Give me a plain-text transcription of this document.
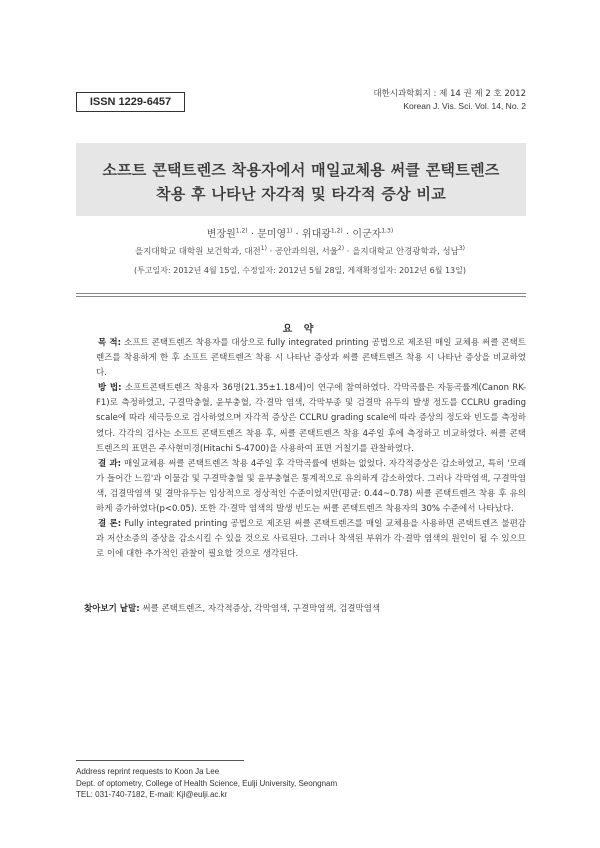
ISSN 1229-6457
대한시과학회지 : 제 14 권 제 2 호 2012
Korean J. Vis. Sci. Vol. 14, No. 2
소프트 콘택트렌즈 착용자에서 매일교체용 써클 콘택트렌즈
착용 후 나타난 자각적 및 타각적 증상 비교
변장원$^{1,2)}$ · 문미영$^{1)}$ · 위대광$^{1,2)}$ · 이군자$^{1,3)}$
을지대학교 대학원 보건학과, 대전$^{1)}$ · 공안과의원, 서울$^{2)}$ · 을지대학교 안경광학과, 성남$^{3)}$
(투고일자: 2012년 4월 15일, 수정일자: 2012년 5월 28일, 게재확정일자: 2012년 6월 13일)
요 약

목 적: 소프트 콘택트렌즈 착용자를 대상으로 fully integrated printing 공법으로 제조된 매일 교체용 써클 콘택트렌즈를 착용하게 한 후 소프트 콘택트렌즈 착용 시 나타난 증상과 써클 콘택트렌즈 착용 시 나타난 증상을 비교하였다.

방 법: 소프트콘택트렌즈 착용자 36명(21.35±1.18세)이 연구에 참여하였다. 각막곡률은 자동곡률계(Canon RK-F1)로 측정하였고, 구결막충혈, 윤부충혈, 각·결막 염색, 각막부종 및 검결막 유두의 발생 정도를 CCLRU grading scale에 따라 세극등으로 검사하였으며 자각적 증상은 CCLRU grading scale에 따라 증상의 정도와 빈도를 측정하였다. 각각의 검사는 소프트 콘택트렌즈 착용 후, 써클 콘택트렌즈 착용 4주일 후에 측정하고 비교하였다. 써클 콘택트렌즈의 표면은 주사현미경(Hitachi S-4700)을 사용하여 표면 거칠기를 관찰하였다.

결 과: 매일교체용 써클 콘택트렌즈 착용 4주일 후 각막곡률에 변화는 없었다. 자각적증상은 감소하였고, 특히 '모래가 들어간 느낌'과 이물감 및 구결막충혈 및 윤부충혈은 통계적으로 유의하게 감소하였다. 그러나 각막염색, 구결막염색, 검결막염색 및 결막유두는 임상적으로 정상적인 수준이었지만(평균: 0.44~0.78) 써클 콘택트렌즈 착용 후 유의하게 증가하였다(p<0.05). 또한 각·결막 염색의 발생 빈도는 써클 콘택트렌즈 착용자의 30% 수준에서 나타났다.

결 론: Fully integrated printing 공법으로 제조된 써클 콘택트렌즈를 매일 교체용을 사용하면 콘택트렌즈 불편감과 저산소증의 증상을 감소시킬 수 있을 것으로 사료된다. 그러나 착색된 부위가 각·결막 염색의 원인이 될 수 있으므로 이에 대한 추가적인 관찰이 필요할 것으로 생각된다.

찾아보기 낱말: 써클 콘택트렌즈, 자각적증상, 각막염색, 구결막염색, 검결막염색
Address reprint requests to Koon Ja Lee
Dept. of optometry, College of Health Science, Eulji University, Seongnam
TEL: 031-740-7182, E-mail: Kjl@eulji.ac.kr
